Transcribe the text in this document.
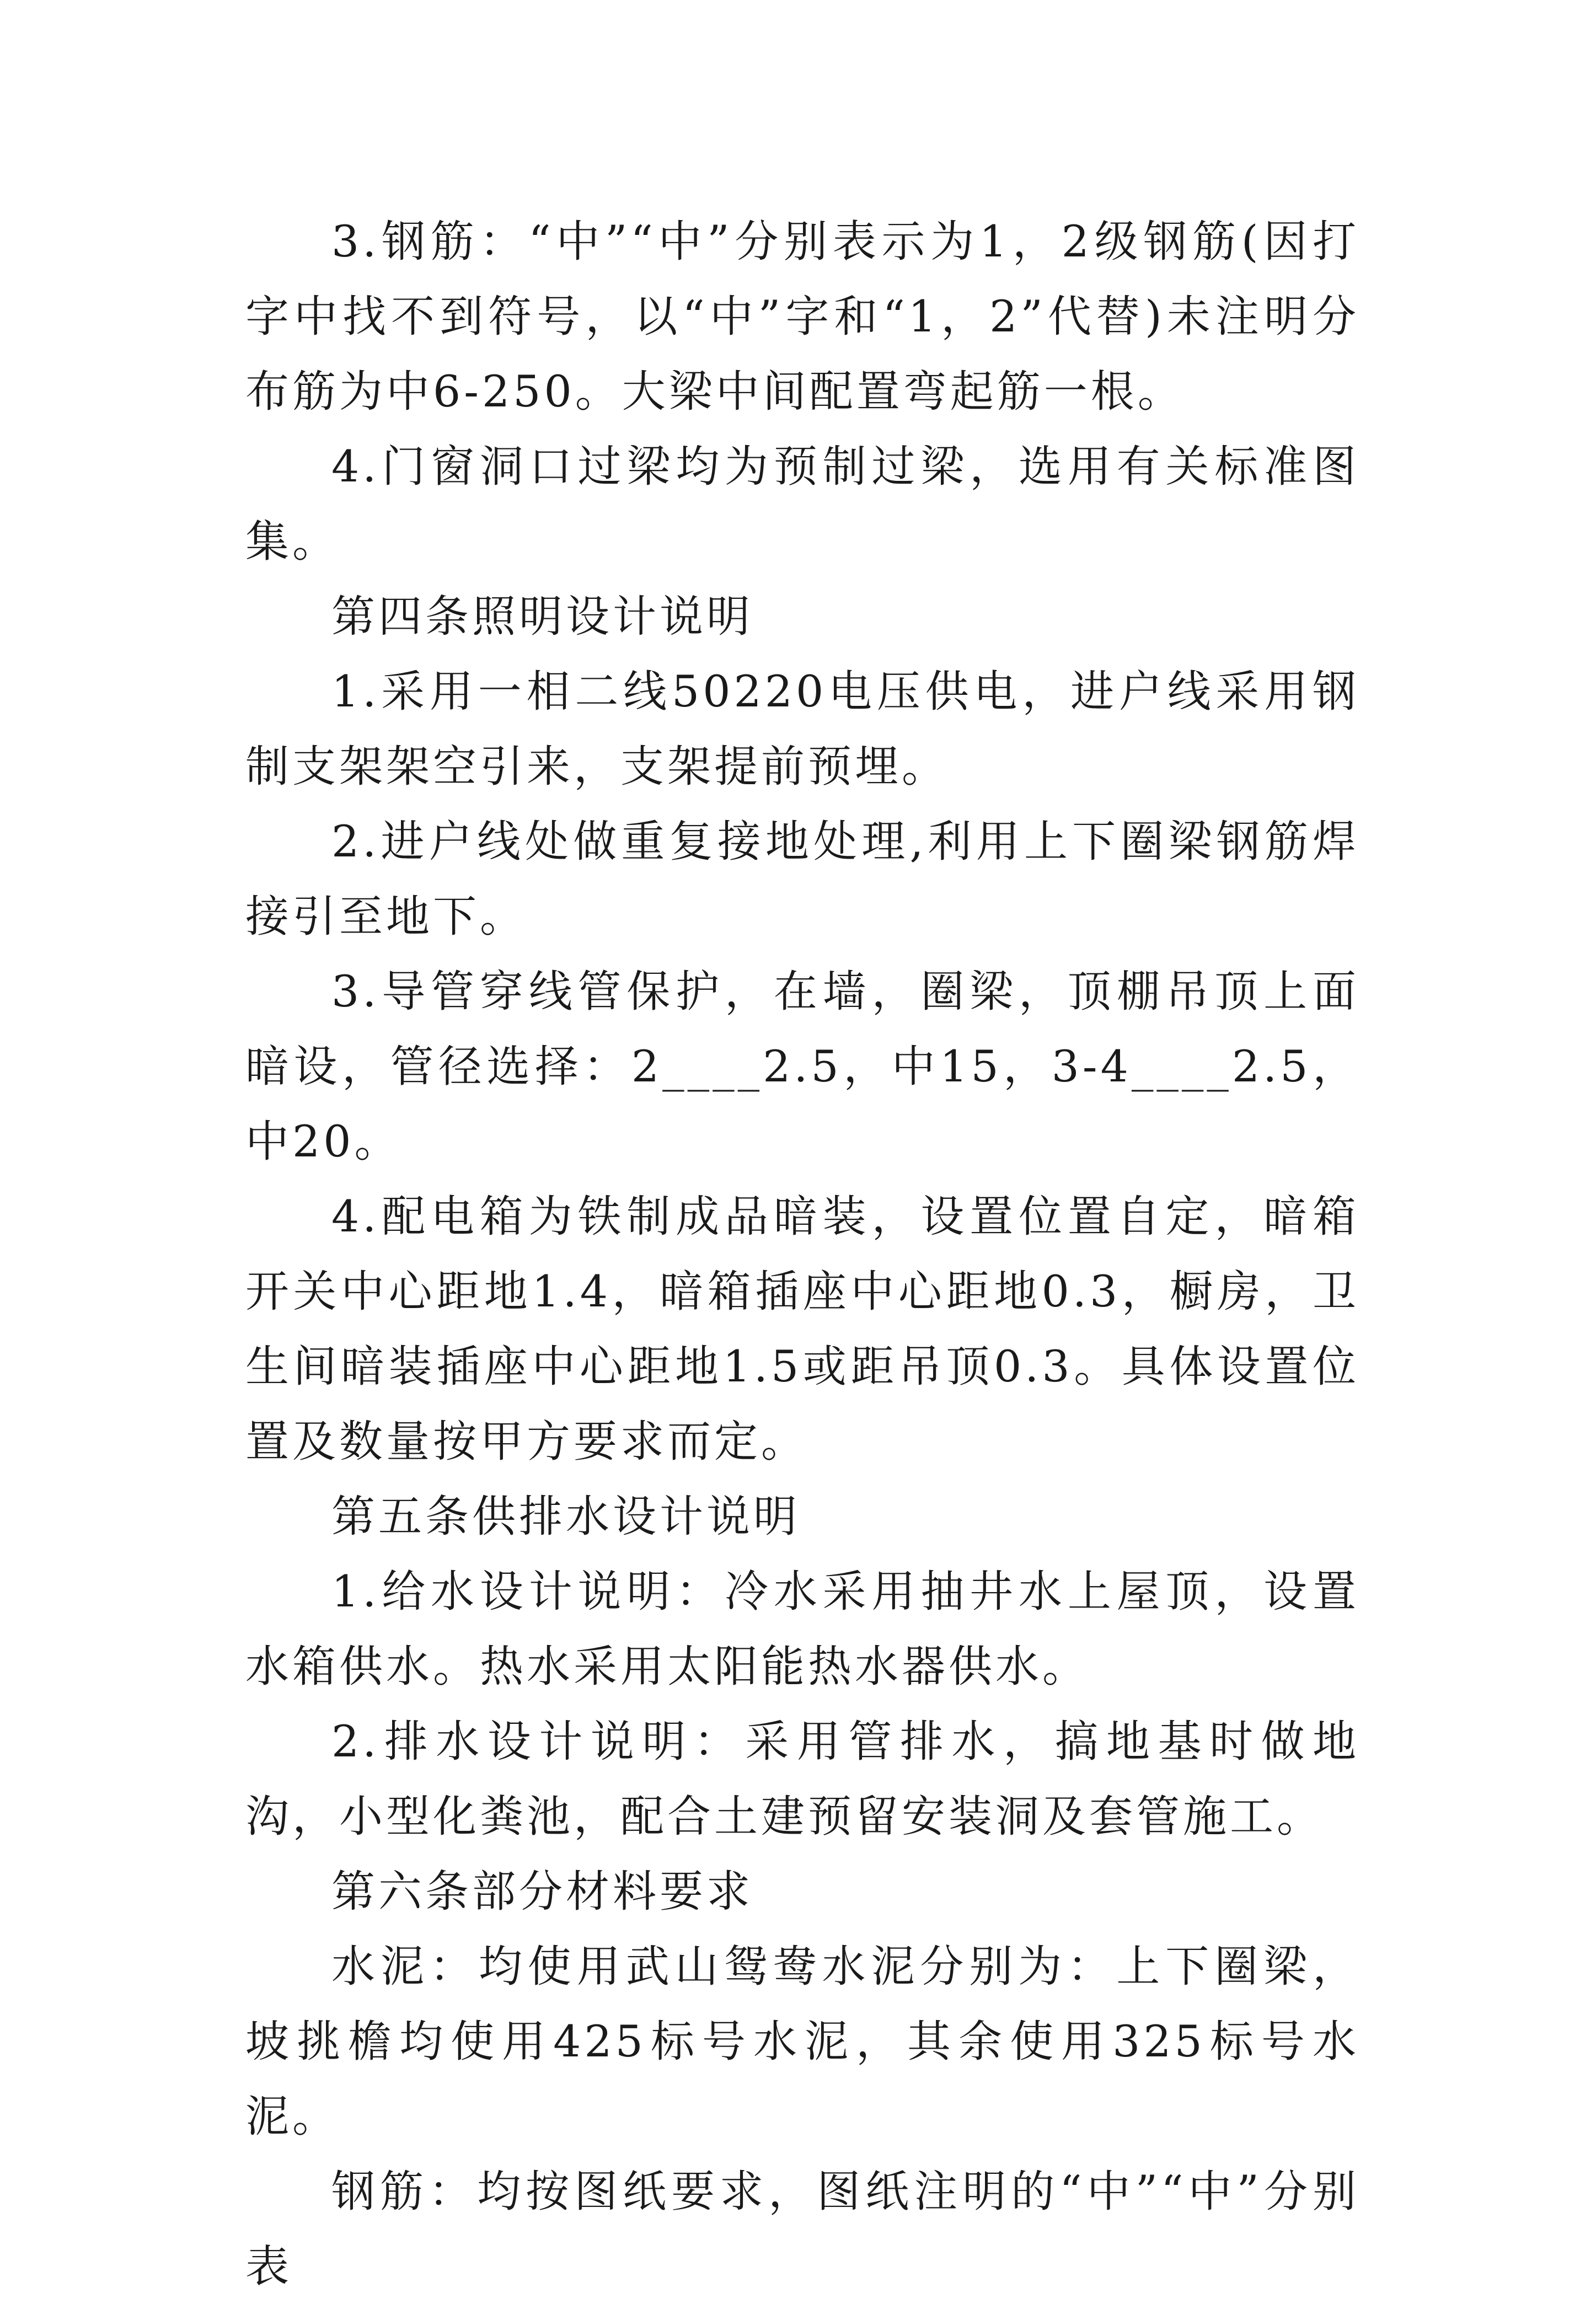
3.钢筋：“中”“中”分别表示为1，2级钢筋(因打字中找不到符号，以“中”字和“1，2”代替)未注明分布筋为中6-250。大梁中间配置弯起筋一根。

4.门窗洞口过梁均为预制过梁，选用有关标准图集。

第四条照明设计说明

1.采用一相二线50220电压供电，进户线采用钢制支架架空引来，支架提前预埋。

2.进户线处做重复接地处理,利用上下圈梁钢筋焊接引至地下。

3.导管穿线管保护，在墙，圈梁，顶棚吊顶上面暗设，管径选择：2____2.5，中15，3-4____2.5，中20。

4.配电箱为铁制成品暗装，设置位置自定，暗箱开关中心距地1.4，暗箱插座中心距地0.3，橱房，卫生间暗装插座中心距地1.5或距吊顶0.3。具体设置位置及数量按甲方要求而定。

第五条供排水设计说明

1.给水设计说明：冷水采用抽井水上屋顶，设置水箱供水。热水采用太阳能热水器供水。

2.排水设计说明：采用管排水，搞地基时做地沟，小型化粪池，配合土建预留安装洞及套管施工。

第六条部分材料要求

水泥：均使用武山鸳鸯水泥分别为：上下圈梁，坡挑檐均使用425标号水泥，其余使用325标号水泥。

钢筋：均按图纸要求，图纸注明的“中”“中”分别表
